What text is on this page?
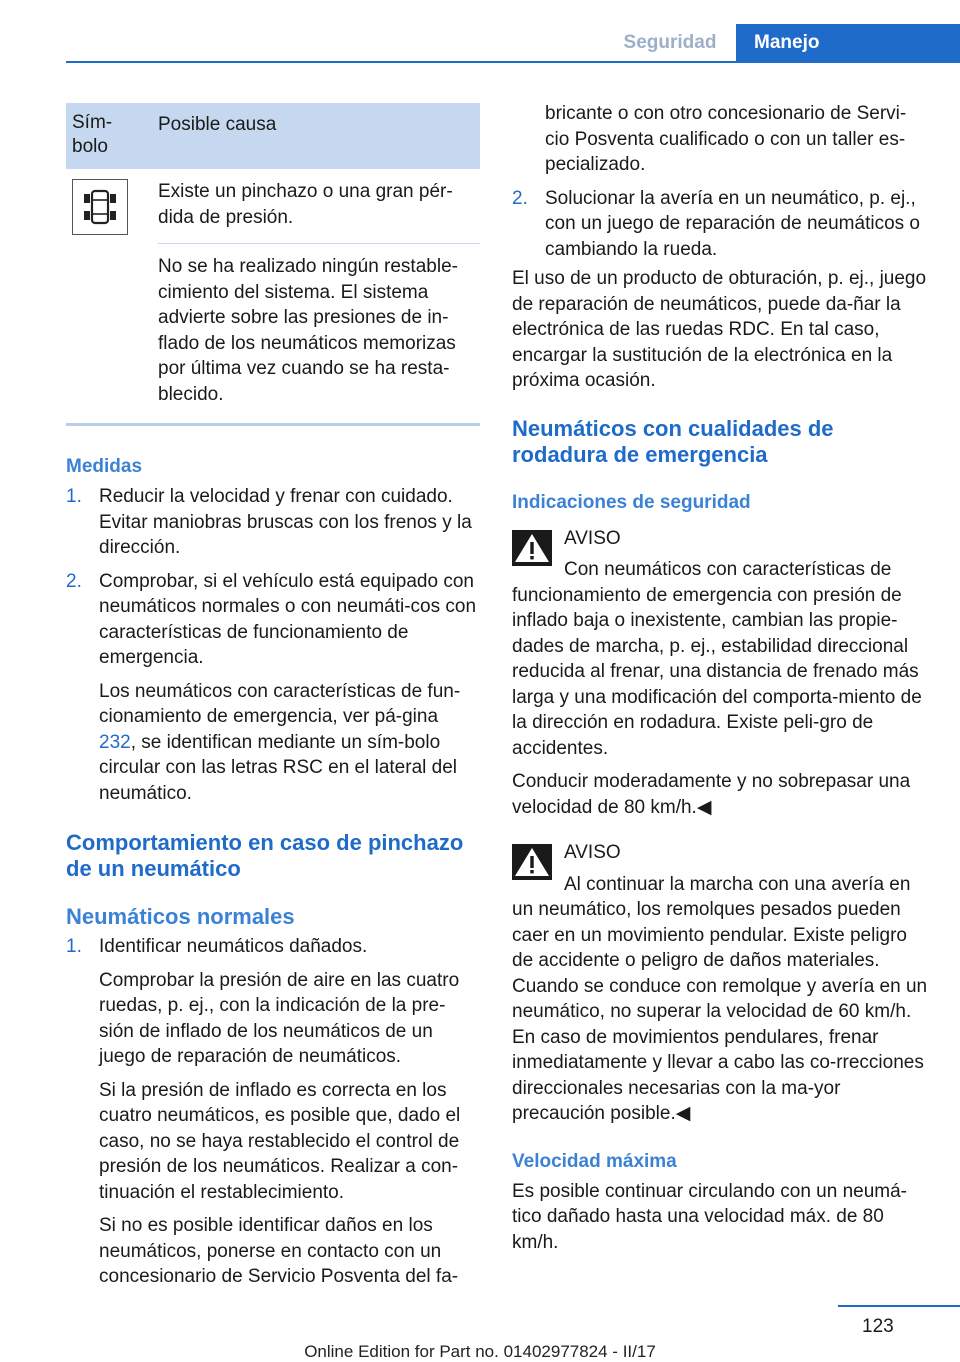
Seguridad	Manejo
Sím-bolo
Posible causa
Existe un pinchazo o una gran pér-dida de presión.
No se ha realizado ningún restable-cimiento del sistema. El sistema advierte sobre las presiones de in-flado de los neumáticos memorizas por última vez cuando se ha resta-blecido.
Medidas
1. Reducir la velocidad y frenar con cuidado. Evitar maniobras bruscas con los frenos y la dirección.
2. Comprobar, si el vehículo está equipado con neumáticos normales o con neumáti-cos con características de funcionamiento de emergencia.

Los neumáticos con características de fun-cionamiento de emergencia, ver pá-gina 232, se identifican mediante un sím-bolo circular con las letras RSC en el lateral del neumático.

Comportamiento en caso de pinchazo de un neumático
Neumáticos normales
1. Identificar neumáticos dañados.

Comprobar la presión de aire en las cuatro ruedas, p. ej., con la indicación de la pre-sión de inflado de los neumáticos de un juego de reparación de neumáticos.

Si la presión de inflado es correcta en los cuatro neumáticos, es posible que, dado el caso, no se haya restablecido el control de presión de los neumáticos. Realizar a con-tinuación el restablecimiento.

Si no es posible identificar daños en los neumáticos, ponerse en contacto con un concesionario de Servicio Posventa del fa-

bricante o con otro concesionario de Servi-cio Posventa cualificado o con un taller es-pecializado.

2. Solucionar la avería en un neumático, p. ej., con un juego de reparación de neumáticos o cambiando la rueda.

El uso de un producto de obturación, p. ej., juego de reparación de neumáticos, puede da-ñar la electrónica de las ruedas RDC. En tal caso, encargar la sustitución de la electrónica en la próxima ocasión.

Neumáticos con cualidades de rodadura de emergencia
Indicaciones de seguridad

AVISO

Con neumáticos con características de

funcionamiento de emergencia con presión de inflado baja o inexistente, cambian las propie-dades de marcha, p. ej., estabilidad direccional reducida al frenar, una distancia de frenado más larga y una modificación del comporta-miento de la dirección en rodadura. Existe peli-gro de accidentes.

Conducir moderadamente y no sobrepasar una velocidad de 80 km/h.◀

AVISO

Al continuar la marcha con una avería en

un neumático, los remolques pesados pueden caer en un movimiento pendular. Existe peligro de accidente o peligro de daños materiales. Cuando se conduce con remolque y avería en un neumático, no superar la velocidad de 60 km/h. En caso de movimientos pendulares, frenar inmediatamente y llevar a cabo las co-rrecciones direccionales necesarias con la ma-yor precaución posible.◀

Velocidad máxima

Es posible continuar circulando con un neumá-tico dañado hasta una velocidad máx. de 80 km/h.

123
Online Edition for Part no. 01402977824 - II/17
